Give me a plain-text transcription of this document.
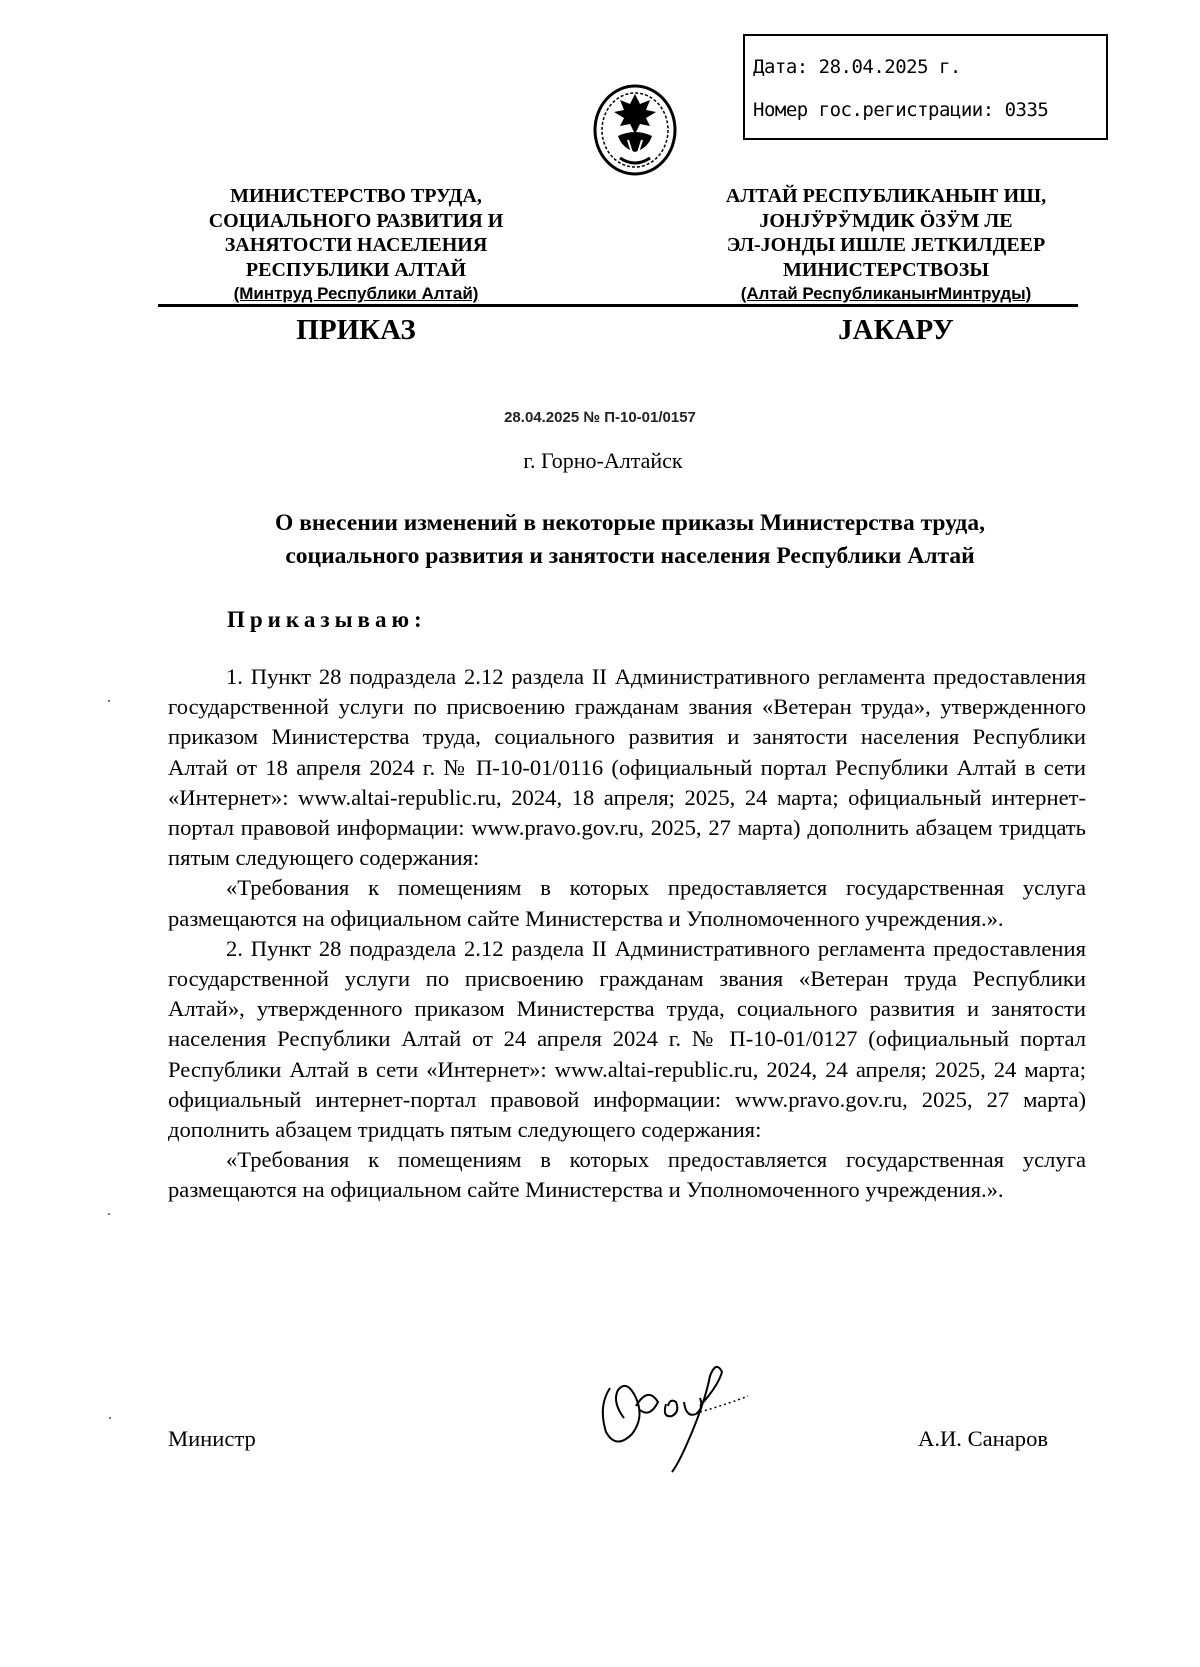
Дата: 28.04.2025 г.
Номер гос.регистрации: 0335
МИНИСТЕРСТВО ТРУДА,
СОЦИАЛЬНОГО РАЗВИТИЯ И
ЗАНЯТОСТИ НАСЕЛЕНИЯ
РЕСПУБЛИКИ АЛТАЙ
(Минтруд Республики Алтай)
АЛТАЙ РЕСПУБЛИКАНЫҤ ИШ,
ЈОНЈӰРӰМДИК ÖЗӰМ ЛЕ
ЭЛ-ЈОНДЫ ИШЛЕ ЈЕТКИЛДЕЕР
МИНИСТЕРСТВОЗЫ
(Алтай РеспубликаныҥМинтруды)
ПРИКАЗ	ЈАКАРУ
28.04.2025 № П-10-01/0157
г. Горно-Алтайск
О внесении изменений в некоторые приказы Министерства труда,
социального развития и занятости населения Республики Алтай
Приказываю:

1. Пункт 28 подраздела 2.12 раздела II Административного регламента предоставления государственной услуги по присвоению гражданам звания «Ветеран труда», утвержденного приказом Министерства труда, социального развития и занятости населения Республики Алтай от 18 апреля 2024 г. № П-10-01/0116 (официальный портал Республики Алтай в сети «Интернет»: www.altai-republic.ru, 2024, 18 апреля; 2025, 24 марта; официальный интернет-портал правовой информации: www.pravo.gov.ru, 2025, 27 марта) дополнить абзацем тридцать пятым следующего содержания:

«Требования к помещениям в которых предоставляется государственная услуга размещаются на официальном сайте Министерства и Уполномоченного учреждения.».

2. Пункт 28 подраздела 2.12 раздела II Административного регламента предоставления государственной услуги по присвоению гражданам звания «Ветеран труда Республики Алтай», утвержденного приказом Министерства труда, социального развития и занятости населения Республики Алтай от 24 апреля 2024 г. № П-10-01/0127 (официальный портал Республики Алтай в сети «Интернет»: www.altai-republic.ru, 2024, 24 апреля; 2025, 24 марта; официальный интернет-портал правовой информации: www.pravo.gov.ru, 2025, 27 марта) дополнить абзацем тридцать пятым следующего содержания:

«Требования к помещениям в которых предоставляется государственная услуга размещаются на официальном сайте Министерства и Уполномоченного учреждения.».

Министр	А.И. Санаров
